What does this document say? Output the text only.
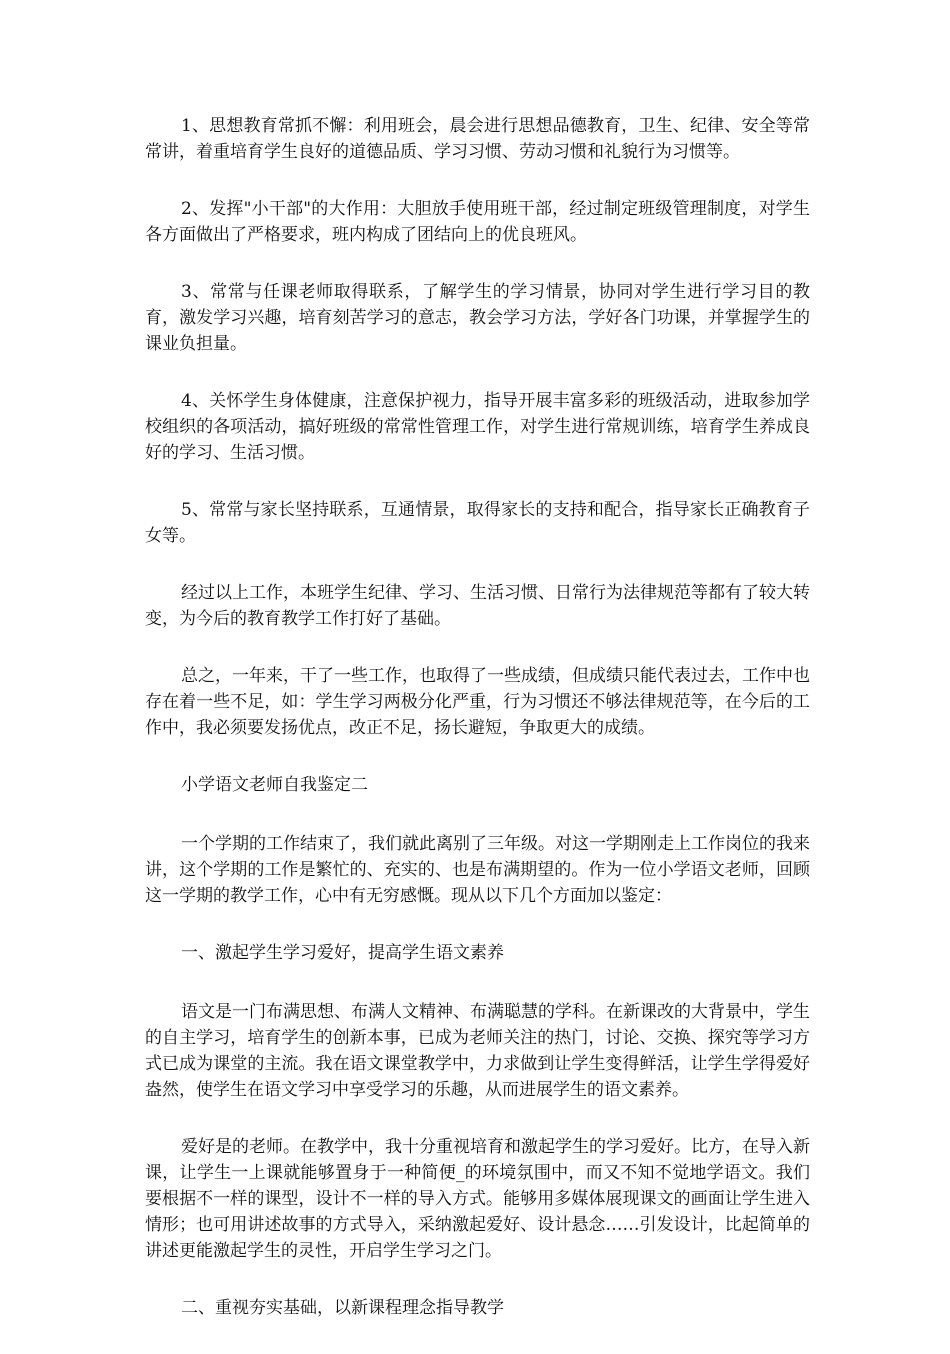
1、思想教育常抓不懈：利用班会，晨会进行思想品德教育，卫生、纪律、安全等常常讲，着重培育学生良好的道德品质、学习习惯、劳动习惯和礼貌行为习惯等。

2、发挥"小干部"的大作用：大胆放手使用班干部，经过制定班级管理制度，对学生各方面做出了严格要求，班内构成了团结向上的优良班风。

3、常常与任课老师取得联系，了解学生的学习情景，协同对学生进行学习目的教育，激发学习兴趣，培育刻苦学习的意志，教会学习方法，学好各门功课，并掌握学生的课业负担量。

4、关怀学生身体健康，注意保护视力，指导开展丰富多彩的班级活动，进取参加学校组织的各项活动，搞好班级的常常性管理工作，对学生进行常规训练，培育学生养成良好的学习、生活习惯。

5、常常与家长坚持联系，互通情景，取得家长的支持和配合，指导家长正确教育子女等。

经过以上工作，本班学生纪律、学习、生活习惯、日常行为法律规范等都有了较大转变，为今后的教育教学工作打好了基础。

总之，一年来，干了一些工作，也取得了一些成绩，但成绩只能代表过去，工作中也存在着一些不足，如：学生学习两极分化严重，行为习惯还不够法律规范等，在今后的工作中，我必须要发扬优点，改正不足，扬长避短，争取更大的成绩。

小学语文老师自我鉴定二

一个学期的工作结束了，我们就此离别了三年级。对这一学期刚走上工作岗位的我来讲，这个学期的工作是繁忙的、充实的、也是布满期望的。作为一位小学语文老师，回顾这一学期的教学工作，心中有无穷感慨。现从以下几个方面加以鉴定：

一、激起学生学习爱好，提高学生语文素养

语文是一门布满思想、布满人文精神、布满聪慧的学科。在新课改的大背景中，学生的自主学习，培育学生的创新本事，已成为老师关注的热门，讨论、交换、探究等学习方式已成为课堂的主流。我在语文课堂教学中，力求做到让学生变得鲜活，让学生学得爱好盎然，使学生在语文学习中享受学习的乐趣，从而进展学生的语文素养。

爱好是的老师。在教学中，我十分重视培育和激起学生的学习爱好。比方，在导入新课，让学生一上课就能够置身于一种简便_的环境氛围中，而又不知不觉地学语文。我们要根据不一样的课型，设计不一样的导入方式。能够用多媒体展现课文的画面让学生进入情形；也可用讲述故事的方式导入，采纳激起爱好、设计悬念……引发设计，比起简单的讲述更能激起学生的灵性，开启学生学习之门。

二、重视夯实基础，以新课程理念指导教学
